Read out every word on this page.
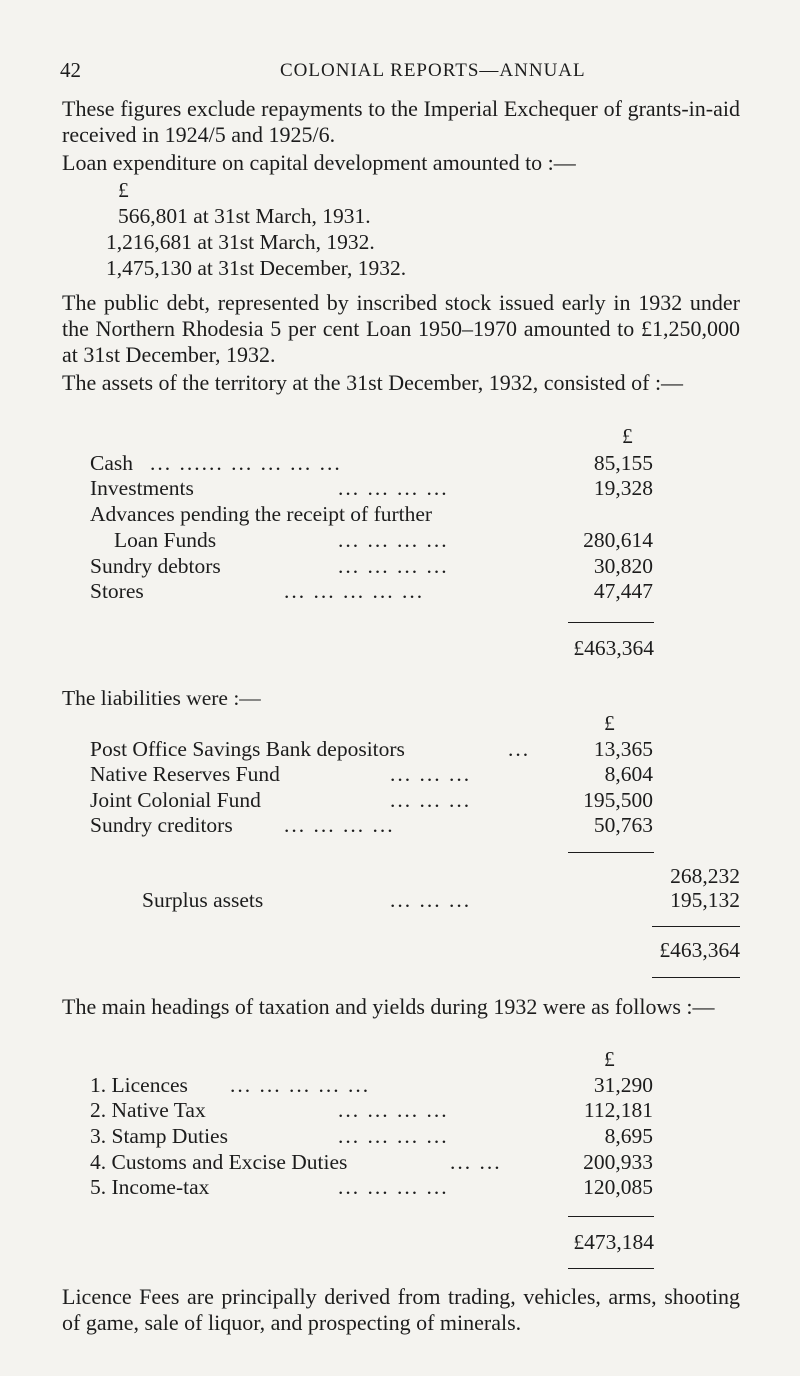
42	COLONIAL REPORTS—ANNUAL
These figures exclude repayments to the Imperial Exchequer of grants-in-aid received in 1924/5 and 1925/6.
Loan expenditure on capital development amounted to :—
£
566,801 at 31st March, 1931.
1,216,681 at 31st March, 1932.
1,475,130 at 31st December, 1932.
The public debt, represented by inscribed stock issued early in 1932 under the Northern Rhodesia 5 per cent Loan 1950–1970 amounted to £1,250,000 at 31st December, 1932.
The assets of the territory at the 31st December, 1932, consisted of :—
£
Cash ... ...... ... ... ... ...	85,155
Investments	... ... ... ...	19,328
Advances pending the receipt of further
Loan Funds	... ... ... ...	280,614
Sundry debtors	... ... ... ...	30,820
Stores	... ... ... ... ...	47,447
£463,364
The liabilities were :—
£
Post Office Savings Bank depositors	...	13,365
Native Reserves Fund	... ... ...	8,604
Joint Colonial Fund	... ... ...	195,500
Sundry creditors ... ... ... ...	50,763
268,232
Surplus assets	... ... ...	195,132
£463,364
The main headings of taxation and yields during 1932 were as follows :—
£
1. Licences ... ... ... ... ...	31,290
2. Native Tax	... ... ... ...	112,181
3. Stamp Duties	... ... ... ...	8,695
4. Customs and Excise Duties	... ...	200,933
5. Income-tax	... ... ... ...	120,085
£473,184
Licence Fees are principally derived from trading, vehicles, arms, shooting of game, sale of liquor, and prospecting of minerals.
